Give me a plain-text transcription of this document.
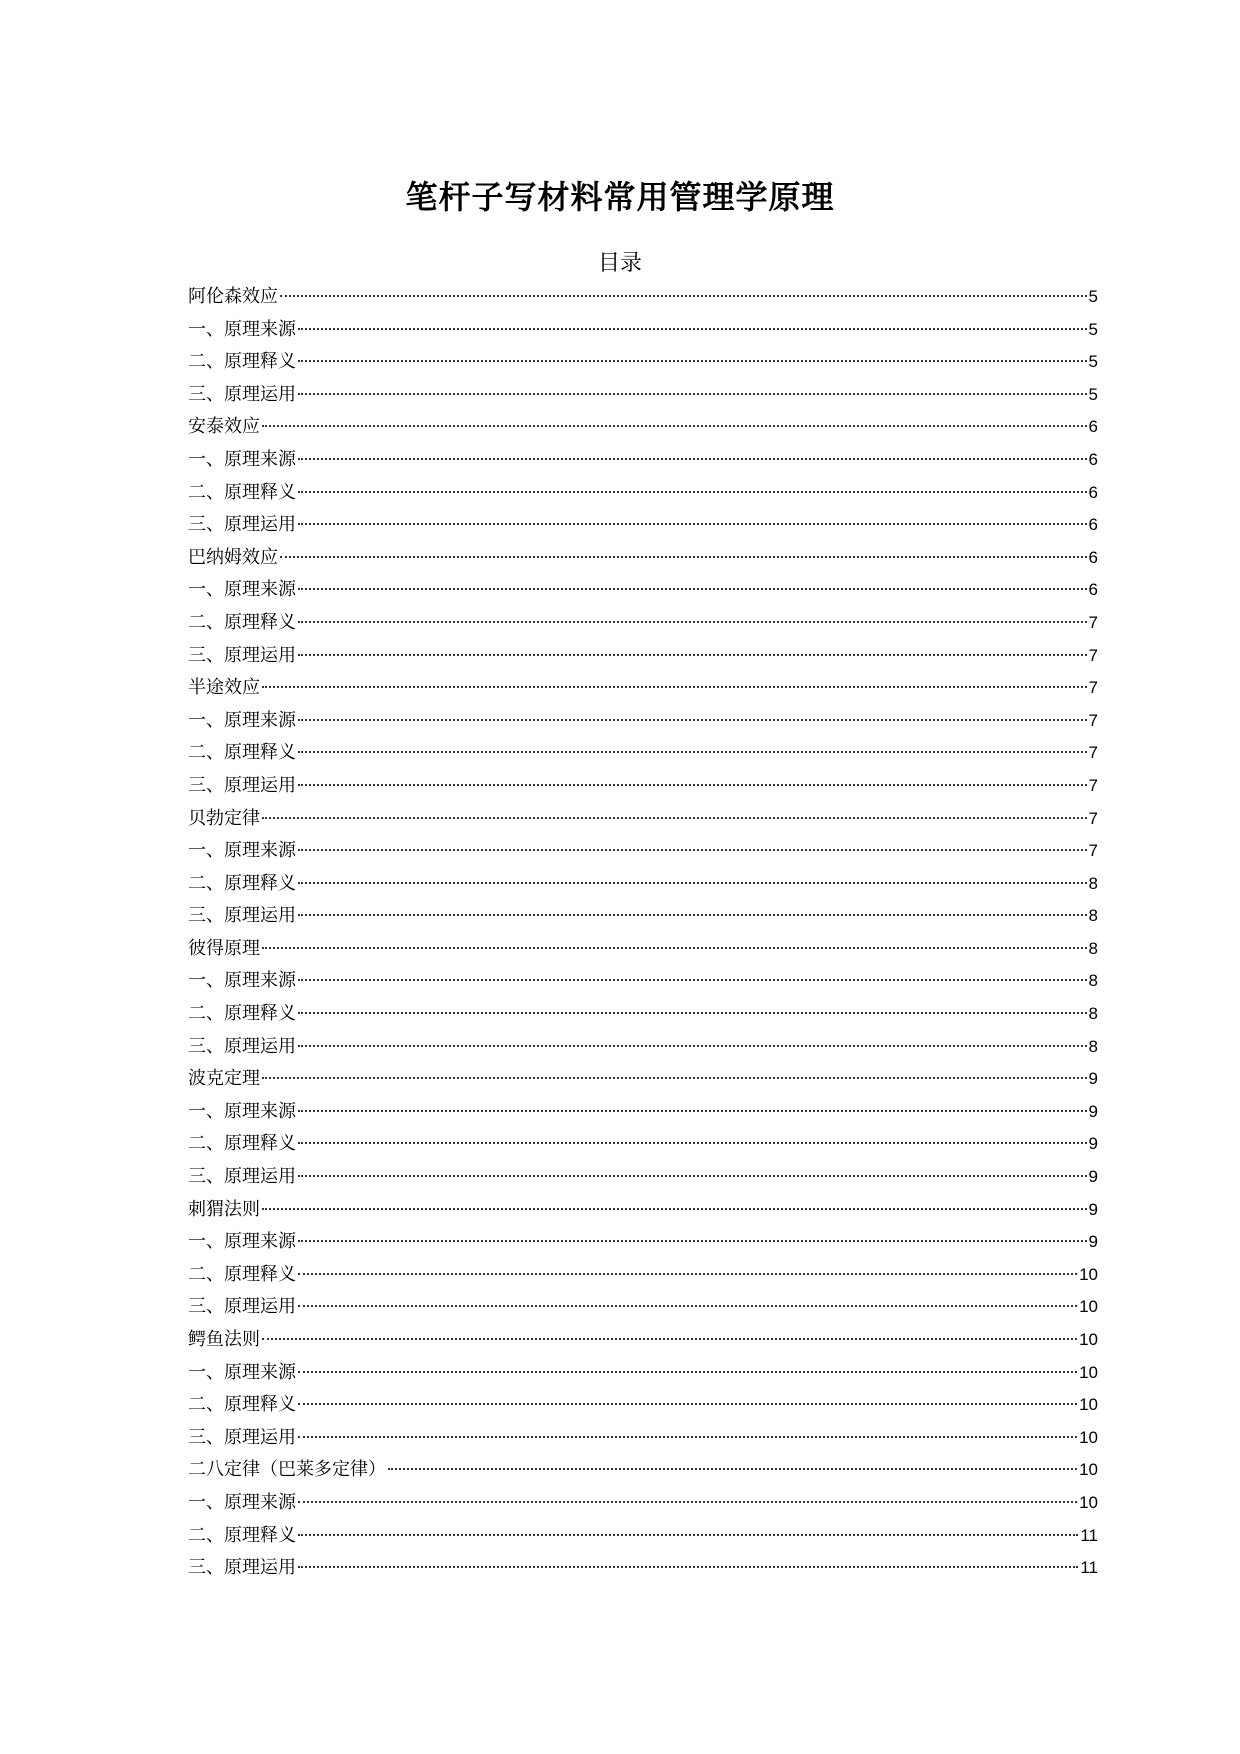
笔杆子写材料常用管理学原理
目录
阿伦森效应	5
一、原理来源	5
二、原理释义	5
三、原理运用	5
安泰效应	6
一、原理来源	6
二、原理释义	6
三、原理运用	6
巴纳姆效应	6
一、原理来源	6
二、原理释义	7
三、原理运用	7
半途效应	7
一、原理来源	7
二、原理释义	7
三、原理运用	7
贝勃定律	7
一、原理来源	7
二、原理释义	8
三、原理运用	8
彼得原理	8
一、原理来源	8
二、原理释义	8
三、原理运用	8
波克定理	9
一、原理来源	9
二、原理释义	9
三、原理运用	9
刺猬法则	9
一、原理来源	9
二、原理释义	10
三、原理运用	10
鳄鱼法则	10
一、原理来源	10
二、原理释义	10
三、原理运用	10
二八定律（巴莱多定律）	10
一、原理来源	10
二、原理释义	11
三、原理运用	11
